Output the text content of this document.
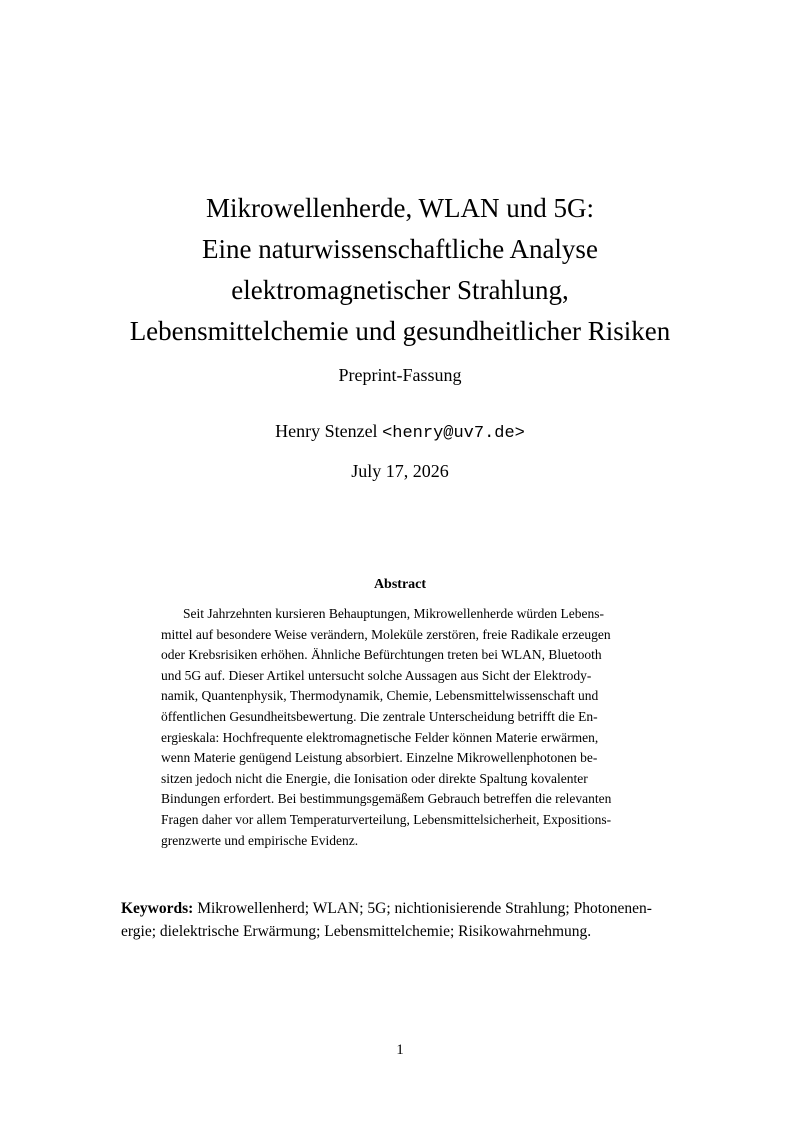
Mikrowellenherde, WLAN und 5G:
Eine naturwissenschaftliche Analyse
elektromagnetischer Strahlung,
Lebensmittelchemie und gesundheitlicher Risiken
Preprint-Fassung
Henry Stenzel <henry@uv7.de>
July 17, 2026
Abstract
Seit Jahrzehnten kursieren Behauptungen, Mikrowellenherde würden Lebens-
mittel auf besondere Weise verändern, Moleküle zerstören, freie Radikale erzeugen
oder Krebsrisiken erhöhen. Ähnliche Befürchtungen treten bei WLAN, Bluetooth
und 5G auf. Dieser Artikel untersucht solche Aussagen aus Sicht der Elektrody-
namik, Quantenphysik, Thermodynamik, Chemie, Lebensmittelwissenschaft und
öffentlichen Gesundheitsbewertung. Die zentrale Unterscheidung betrifft die En-
ergieskala: Hochfrequente elektromagnetische Felder können Materie erwärmen,
wenn Materie genügend Leistung absorbiert. Einzelne Mikrowellenphotonen be-
sitzen jedoch nicht die Energie, die Ionisation oder direkte Spaltung kovalenter
Bindungen erfordert. Bei bestimmungsgemäßem Gebrauch betreffen die relevanten
Fragen daher vor allem Temperaturverteilung, Lebensmittelsicherheit, Expositions-
grenzwerte und empirische Evidenz.
Keywords: Mikrowellenherd; WLAN; 5G; nichtionisierende Strahlung; Photonenen-
ergie; dielektrische Erwärmung; Lebensmittelchemie; Risikowahrnehmung.
1
